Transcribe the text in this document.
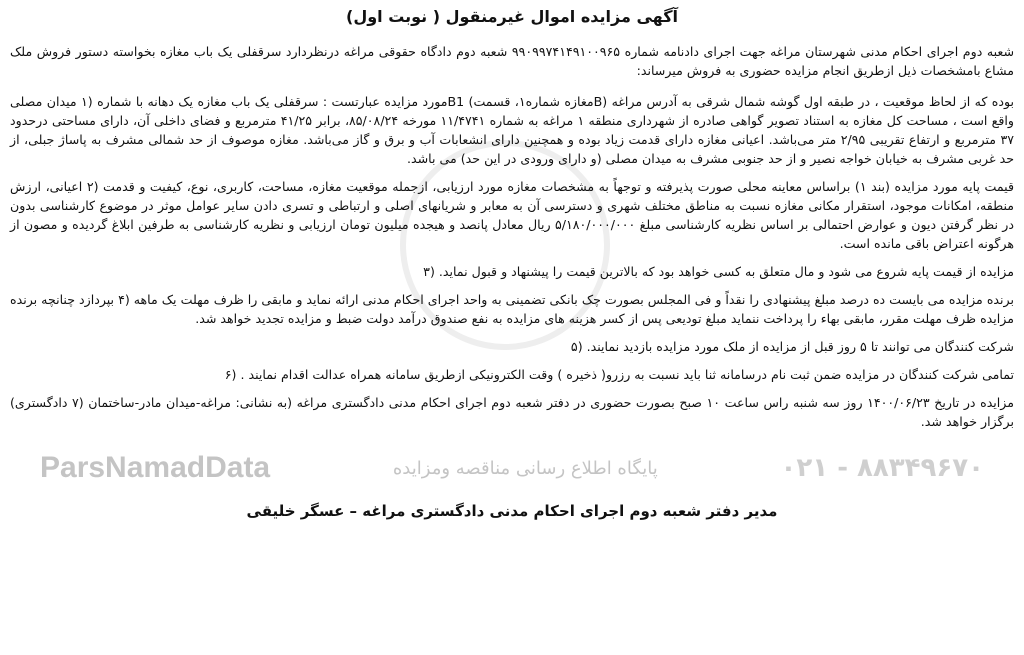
آگهی مزایده اموال غیرمنقول ( نوبت اول)

شعبه دوم اجرای احکام مدنی شهرستان مراغه جهت اجرای دادنامه شماره ۹۹۰۹۹۷۴۱۴۹۱۰۰۹۶۵ شعبه دوم دادگاه حقوقی مراغه درنظردارد سرقفلی یک باب مغازه بخواسته دستور فروش ملک مشاع بامشخصات ذیل ازطریق انجام مزایده حضوری به فروش میرساند:

بوده که از لحاظ موقعیت ، در طبقه اول گوشه شمال شرقی به آدرس مراغه (Bمغازه شماره۱، قسمت) B1مورد مزایده عبارتست : سرقفلی یک باب مغازه یک دهانه با شماره (۱ میدان مصلی واقع است ، مساحت کل مغازه به استناد تصویر گواهی صادره از شهرداری منطقه ۱ مراغه به شماره ۱۱/۴۷۴۱ مورخه ۸۵/۰۸/۲۴، برابر ۴۱/۲۵ مترمربع و فضای داخلی آن، دارای مساحتی درحدود ۳۷ مترمربع و ارتفاع تقریبی ۲/۹۵ متر می‌باشد. اعیانی مغازه دارای قدمت زیاد بوده و همچنین دارای انشعابات آب و برق و گاز می‌باشد. مغازه موصوف از حد شمالی مشرف به پاساژ جبلی، از حد غربی مشرف به خیابان خواجه نصیر و از حد جنوبی مشرف به میدان مصلی (و دارای ورودی در این حد) می باشد.

قیمت پایه مورد مزایده (بند ۱) براساس معاینه محلی صورت پذیرفته و توجهاً به مشخصات مغازه مورد ارزیابی، ازجمله موقعیت مغازه، مساحت، کاربری، نوع، کیفیت و قدمت (۲ اعیانی، ارزش منطقه، امکانات موجود، استقرار مکانی مغازه نسبت به مناطق مختلف شهری و دسترسی آن به معابر و شریانهای اصلی و ارتباطی و تسری دادن سایر عوامل موثر در موضوع کارشناسی بدون در نظر گرفتن دیون و عوارض احتمالی بر اساس نظریه کارشناسی مبلغ ۵/۱۸۰/۰۰۰/۰۰۰ ریال معادل پانصد و هیجده میلیون تومان ارزیابی و نظریه کارشناسی به طرفین ابلاغ گردیده و مصون از هرگونه اعتراض باقی مانده است.

مزایده از قیمت پایه شروع می شود و مال متعلق به کسی خواهد بود که بالاترین قیمت را پیشنهاد و قبول نماید. (۳

برنده مزایده می بایست ده درصد مبلغ پیشنهادی را نقداً و فی المجلس بصورت چک بانکی تضمینی به واحد اجرای احکام مدنی ارائه نماید و مابقی را ظرف مهلت یک ماهه (۴ بپردازد چنانچه برنده مزایده ظرف مهلت مقرر، مابقی بهاء را پرداخت ننماید مبلغ تودیعی پس از کسر هزینه های مزایده به نفع صندوق درآمد دولت ضبط و مزایده تجدید خواهد شد.

شرکت کنندگان می توانند تا ۵ روز قبل از مزایده از ملک مورد مزایده بازدید نمایند. (۵

تمامی شرکت کنندگان در مزایده ضمن ثبت نام درسامانه ثنا باید نسبت به رزرو( ذخیره ) وقت الکترونیکی ازطریق سامانه همراه عدالت اقدام نمایند . (۶

مزایده در تاریخ ۱۴۰۰/۰۶/۲۳ روز سه شنبه راس ساعت ۱۰ صبح بصورت حضوری در دفتر شعبه دوم اجرای احکام مدنی دادگستری مراغه (به نشانی: مراغه-میدان مادر-ساختمان (۷ دادگستری) برگزار خواهد شد.

ParsNamadData	پایگاه اطلاع رسانی مناقصه ومزایده	۸۸۳۴۹۶۷۰ - ۰۲۱
مدیر دفتر شعبه دوم اجرای احکام مدنی دادگستری مراغه – عسگر خلیقی
